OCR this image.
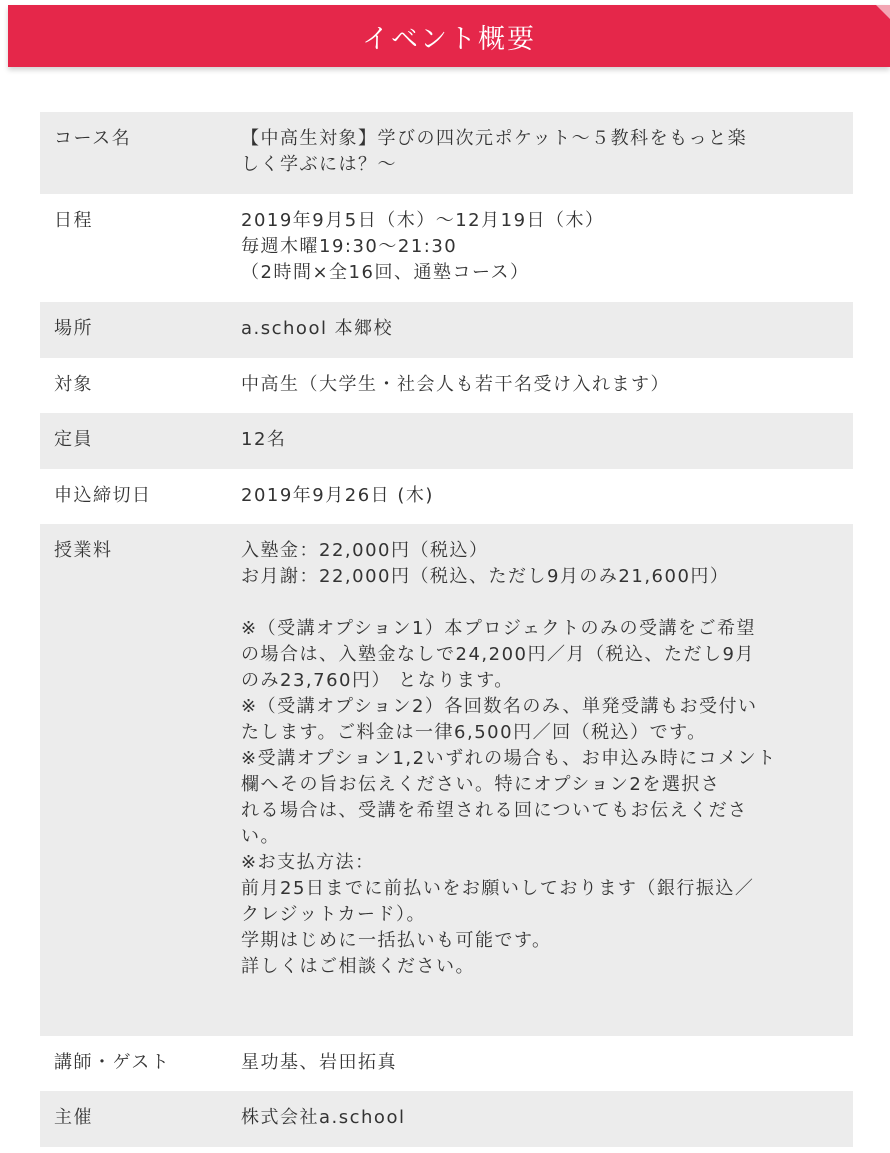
イベント概要
コース名	【中高生対象】学びの四次元ポケット〜５教科をもっと楽
しく学ぶには？〜
日程	2019年9月5日（木）〜12月19日（木）
毎週木曜19:30〜21:30
（2時間×全16回、通塾コース）
場所	a.school 本郷校
対象	中高生（大学生・社会人も若干名受け入れます）
定員	12名
申込締切日	2019年9月26日 (木)
授業料	入塾金：22,000円（税込）
お月謝：22,000円（税込、ただし9月のみ21,600円）
※（受講オプション1）本プロジェクトのみの受講をご希望
の場合は、入塾金なしで24,200円／月（税込、ただし9月
のみ23,760円） となります。
※（受講オプション2）各回数名のみ、単発受講もお受付い
たします。ご料金は一律6,500円／回（税込）です。
※受講オプション1,2いずれの場合も、お申込み時にコメント
欄へその旨お伝えください。特にオプション2を選択さ
れる場合は、受講を希望される回についてもお伝えくださ
い。
※お支払方法：
前月25日までに前払いをお願いしております（銀行振込／
クレジットカード）。
学期はじめに一括払いも可能です。
詳しくはご相談ください。
講師・ゲスト	星功基、岩田拓真
主催	株式会社a.school
